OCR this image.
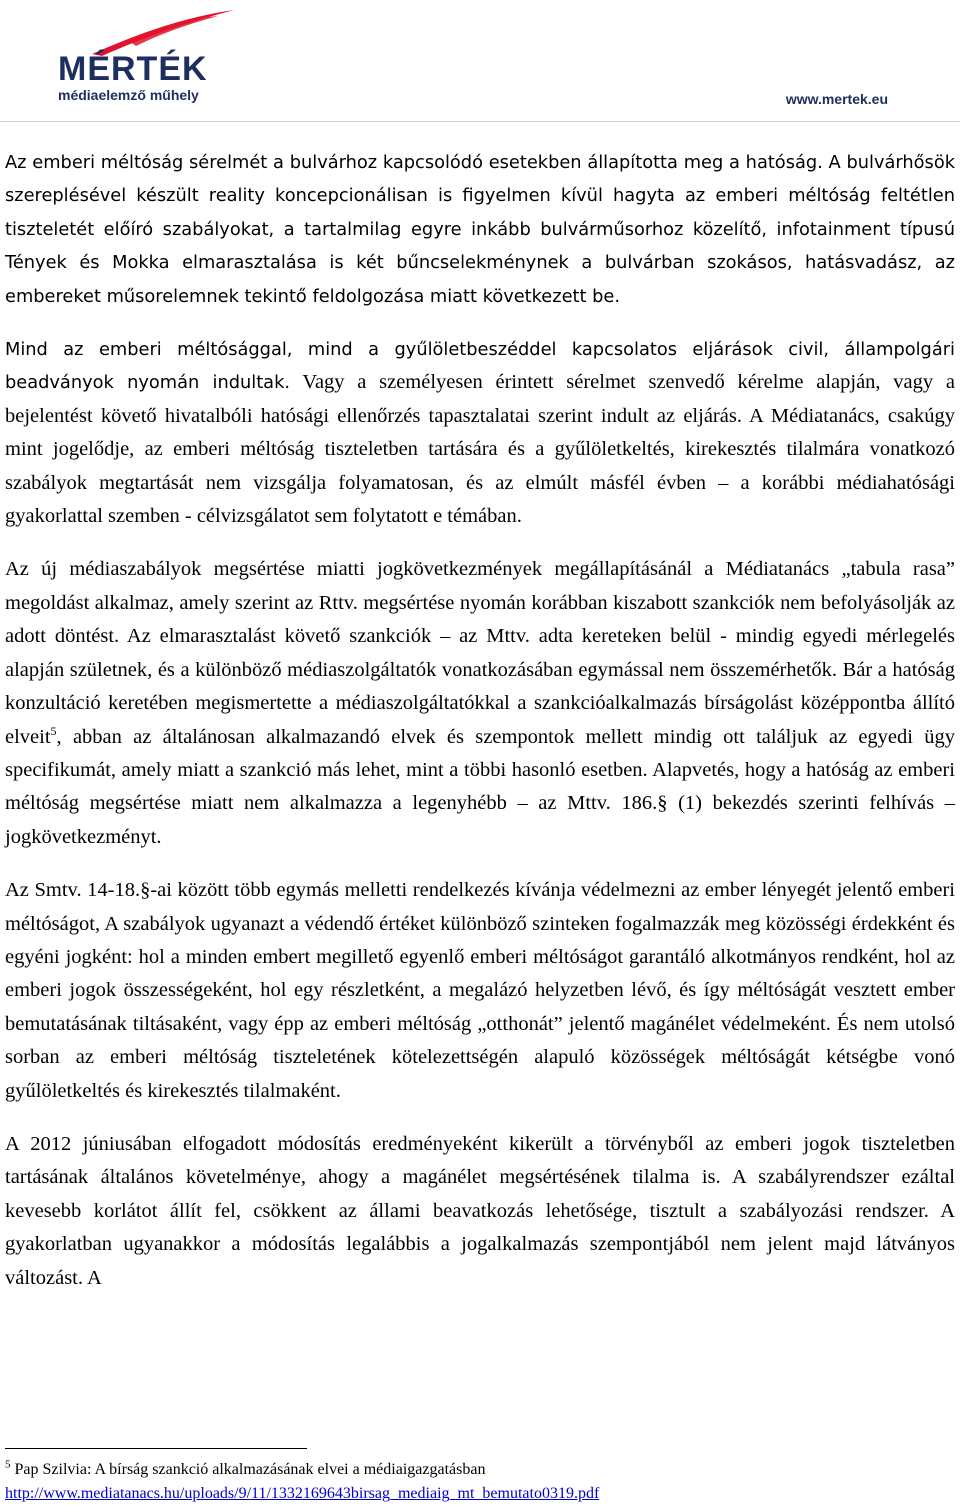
MÉRTÉK
médiaelemző műhely	www.mertek.eu

Az emberi méltóság sérelmét a bulvárhoz kapcsolódó esetekben állapította meg a hatóság. A bulvárhősök szereplésével készült reality koncepcionálisan is figyelmen kívül hagyta az emberi méltóság feltétlen tiszteletét előíró szabályokat, a tartalmilag egyre inkább bulvárműsorhoz közelítő, infotainment típusú Tények és Mokka elmarasztalása is két bűncselekménynek a bulvárban szokásos, hatásvadász, az embereket műsorelemnek tekintő feldolgozása miatt következett be.

Mind az emberi méltósággal, mind a gyűlöletbeszéddel kapcsolatos eljárások civil, állampolgári beadványok nyomán indultak. Vagy a személyesen érintett sérelmet szenvedő kérelme alapján, vagy a bejelentést követő hivatalbóli hatósági ellenőrzés tapasztalatai szerint indult az eljárás. A Médiatanács, csakúgy mint jogelődje, az emberi méltóság tiszteletben tartására és a gyűlöletkeltés, kirekesztés tilalmára vonatkozó szabályok megtartását nem vizsgálja folyamatosan, és az elmúlt másfél évben – a korábbi médiahatósági gyakorlattal szemben - célvizsgálatot sem folytatott e témában.

Az új médiaszabályok megsértése miatti jogkövetkezmények megállapításánál a Médiatanács „tabula rasa” megoldást alkalmaz, amely szerint az Rttv. megsértése nyomán korábban kiszabott szankciók nem befolyásolják az adott döntést. Az elmarasztalást követő szankciók – az Mttv. adta kereteken belül - mindig egyedi mérlegelés alapján születnek, és a különböző médiaszolgáltatók vonatkozásában egymással nem összemérhetők. Bár a hatóság konzultáció keretében megismertette a médiaszolgáltatókkal a szankcióalkalmazás bírságolást középpontba állító elveit$^5$, abban az általánosan alkalmazandó elvek és szempontok mellett mindig ott találjuk az egyedi ügy specifikumát, amely miatt a szankció más lehet, mint a többi hasonló esetben. Alapvetés, hogy a hatóság az emberi méltóság megsértése miatt nem alkalmazza a legenyhébb – az Mttv. 186.§ (1) bekezdés szerinti felhívás – jogkövetkezményt.

Az Smtv. 14-18.§-ai között több egymás melletti rendelkezés kívánja védelmezni az ember lényegét jelentő emberi méltóságot, A szabályok ugyanazt a védendő értéket különböző szinteken fogalmazzák meg közösségi érdekként és egyéni jogként: hol a minden embert megillető egyenlő emberi méltóságot garantáló alkotmányos rendként, hol az emberi jogok összességeként, hol egy részletként, a megalázó helyzetben lévő, és így méltóságát vesztett ember bemutatásának tiltásaként, vagy épp az emberi méltóság „otthonát” jelentő magánélet védelmeként. És nem utolsó sorban az emberi méltóság tiszteletének kötelezettségén alapuló közösségek méltóságát kétségbe vonó gyűlöletkeltés és kirekesztés tilalmaként.

A 2012 júniusában elfogadott módosítás eredményeként kikerült a törvényből az emberi jogok tiszteletben tartásának általános követelménye, ahogy a magánélet megsértésének tilalma is. A szabályrendszer ezáltal kevesebb korlátot állít fel, csökkent az állami beavatkozás lehetősége, tisztult a szabályozási rendszer. A gyakorlatban ugyanakkor a módosítás legalábbis a jogalkalmazás szempontjából nem jelent majd látványos változást. A

$^5$ Pap Szilvia: A bírság szankció alkalmazásának elvei a médiaigazgatásban
http://www.mediatanacs.hu/uploads/9/11/1332169643birsag_mediaig_mt_bemutato0319.pdf
